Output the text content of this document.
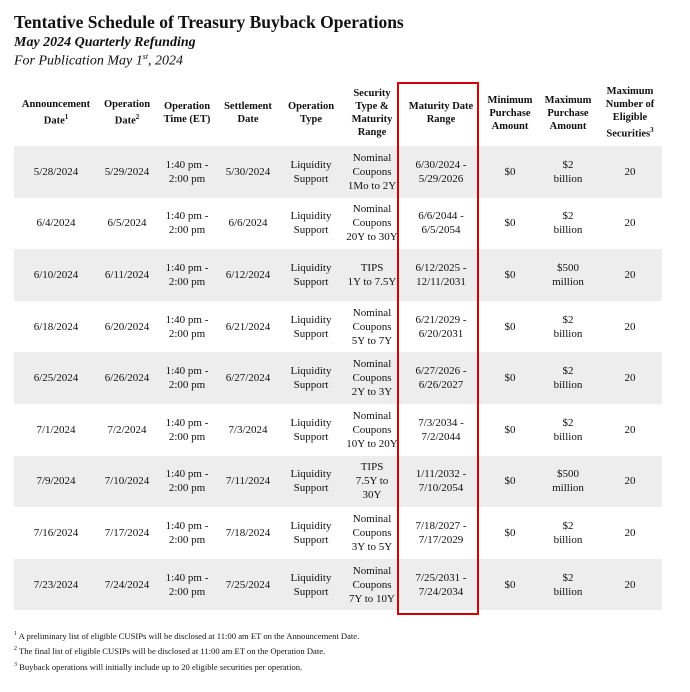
Tentative Schedule of Treasury Buyback Operations
May 2024 Quarterly Refunding
For Publication May 1st, 2024
Announcement Date$^1$	Operation Date$^2$	Operation Time (ET)	Settlement Date	Operation Type	Security Type & Maturity Range	Maturity Date Range	Minimum Purchase Amount	Maximum Purchase Amount	Maximum Number of Eligible Securities$^3$

5/28/2024	5/29/2024	1:40 pm -
2:00 pm	5/30/2024	Liquidity
Support	Nominal
Coupons
1Mo to 2Y	6/30/2024 -
5/29/2026	$0	$2
billion	20

6/4/2024	6/5/2024	1:40 pm -
2:00 pm	6/6/2024	Liquidity
Support	Nominal
Coupons
20Y to 30Y	6/6/2044 -
6/5/2054	$0	$2
billion	20

6/10/2024	6/11/2024	1:40 pm -
2:00 pm	6/12/2024	Liquidity
Support	TIPS
1Y to 7.5Y	6/12/2025 -
12/11/2031	$0	$500
million	20

6/18/2024	6/20/2024	1:40 pm -
2:00 pm	6/21/2024	Liquidity
Support	Nominal
Coupons
5Y to 7Y	6/21/2029 -
6/20/2031	$0	$2
billion	20

6/25/2024	6/26/2024	1:40 pm -
2:00 pm	6/27/2024	Liquidity
Support	Nominal
Coupons
2Y to 3Y	6/27/2026 -
6/26/2027	$0	$2
billion	20

7/1/2024	7/2/2024	1:40 pm -
2:00 pm	7/3/2024	Liquidity
Support	Nominal
Coupons
10Y to 20Y	7/3/2034 -
7/2/2044	$0	$2
billion	20

7/9/2024	7/10/2024	1:40 pm -
2:00 pm	7/11/2024	Liquidity
Support	TIPS
7.5Y to 30Y	1/11/2032 -
7/10/2054	$0	$500
million	20

7/16/2024	7/17/2024	1:40 pm -
2:00 pm	7/18/2024	Liquidity
Support	Nominal
Coupons
3Y to 5Y	7/18/2027 -
7/17/2029	$0	$2
billion	20

7/23/2024	7/24/2024	1:40 pm -
2:00 pm	7/25/2024	Liquidity
Support	Nominal
Coupons
7Y to 10Y	7/25/2031 -
7/24/2034	$0	$2
billion	20

$^1$ A preliminary list of eligible CUSIPs will be disclosed at 11:00 am ET on the Announcement Date.

$^2$ The final list of eligible CUSIPs will be disclosed at 11:00 am ET on the Operation Date.

$^3$ Buyback operations will initially include up to 20 eligible securities per operation.
